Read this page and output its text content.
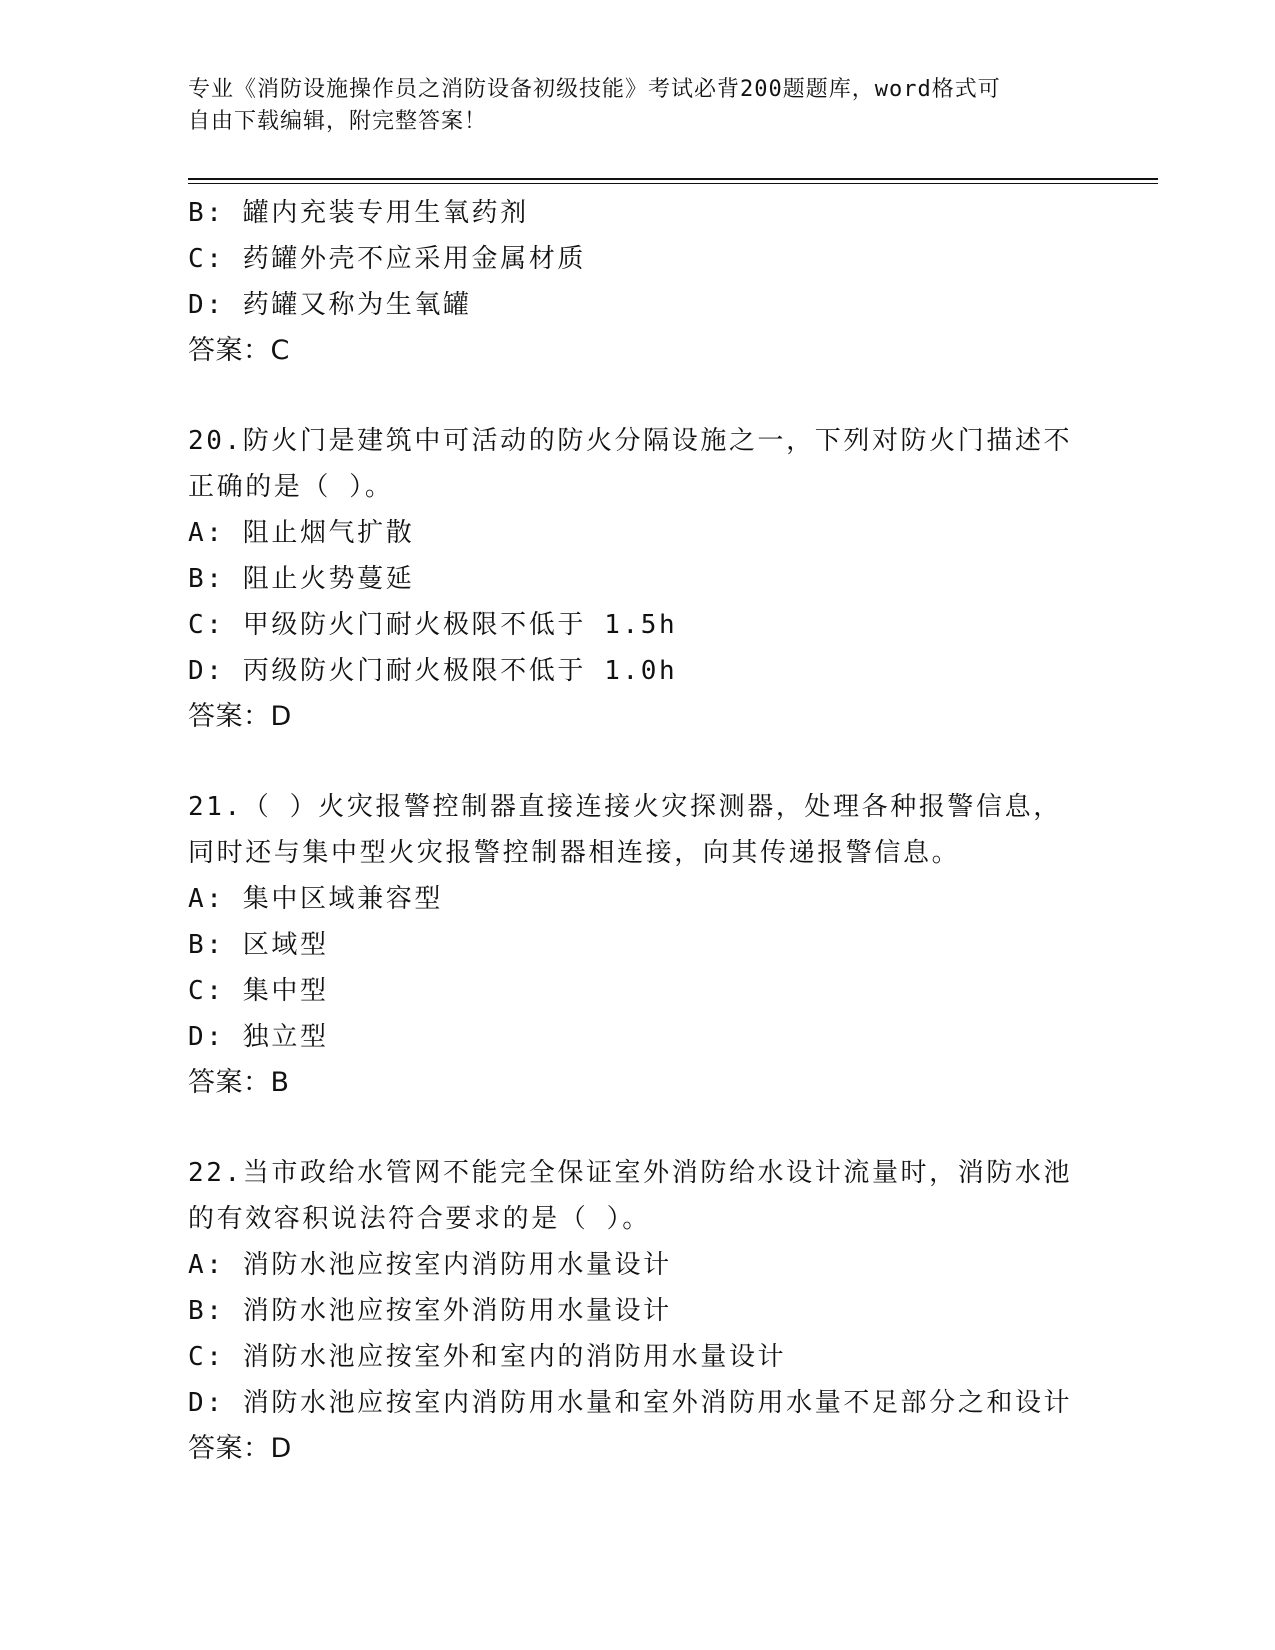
专业《消防设施操作员之消防设备初级技能》考试必背200题题库，word格式可
自由下载编辑，附完整答案！
B: 罐内充装专用生氧药剂
C: 药罐外壳不应采用金属材质
D: 药罐又称为生氧罐
答案：C
20.防火门是建筑中可活动的防火分隔设施之一，下列对防火门描述不
正确的是（ ）。
A: 阻止烟气扩散
B: 阻止火势蔓延
C: 甲级防火门耐火极限不低于 1.5h
D: 丙级防火门耐火极限不低于 1.0h
答案：D
21.（ ）火灾报警控制器直接连接火灾探测器，处理各种报警信息，
同时还与集中型火灾报警控制器相连接，向其传递报警信息。
A: 集中区域兼容型
B: 区域型
C: 集中型
D: 独立型
答案：B
22.当市政给水管网不能完全保证室外消防给水设计流量时，消防水池
的有效容积说法符合要求的是（ ）。
A: 消防水池应按室内消防用水量设计
B: 消防水池应按室外消防用水量设计
C: 消防水池应按室外和室内的消防用水量设计
D: 消防水池应按室内消防用水量和室外消防用水量不足部分之和设计
答案：D
